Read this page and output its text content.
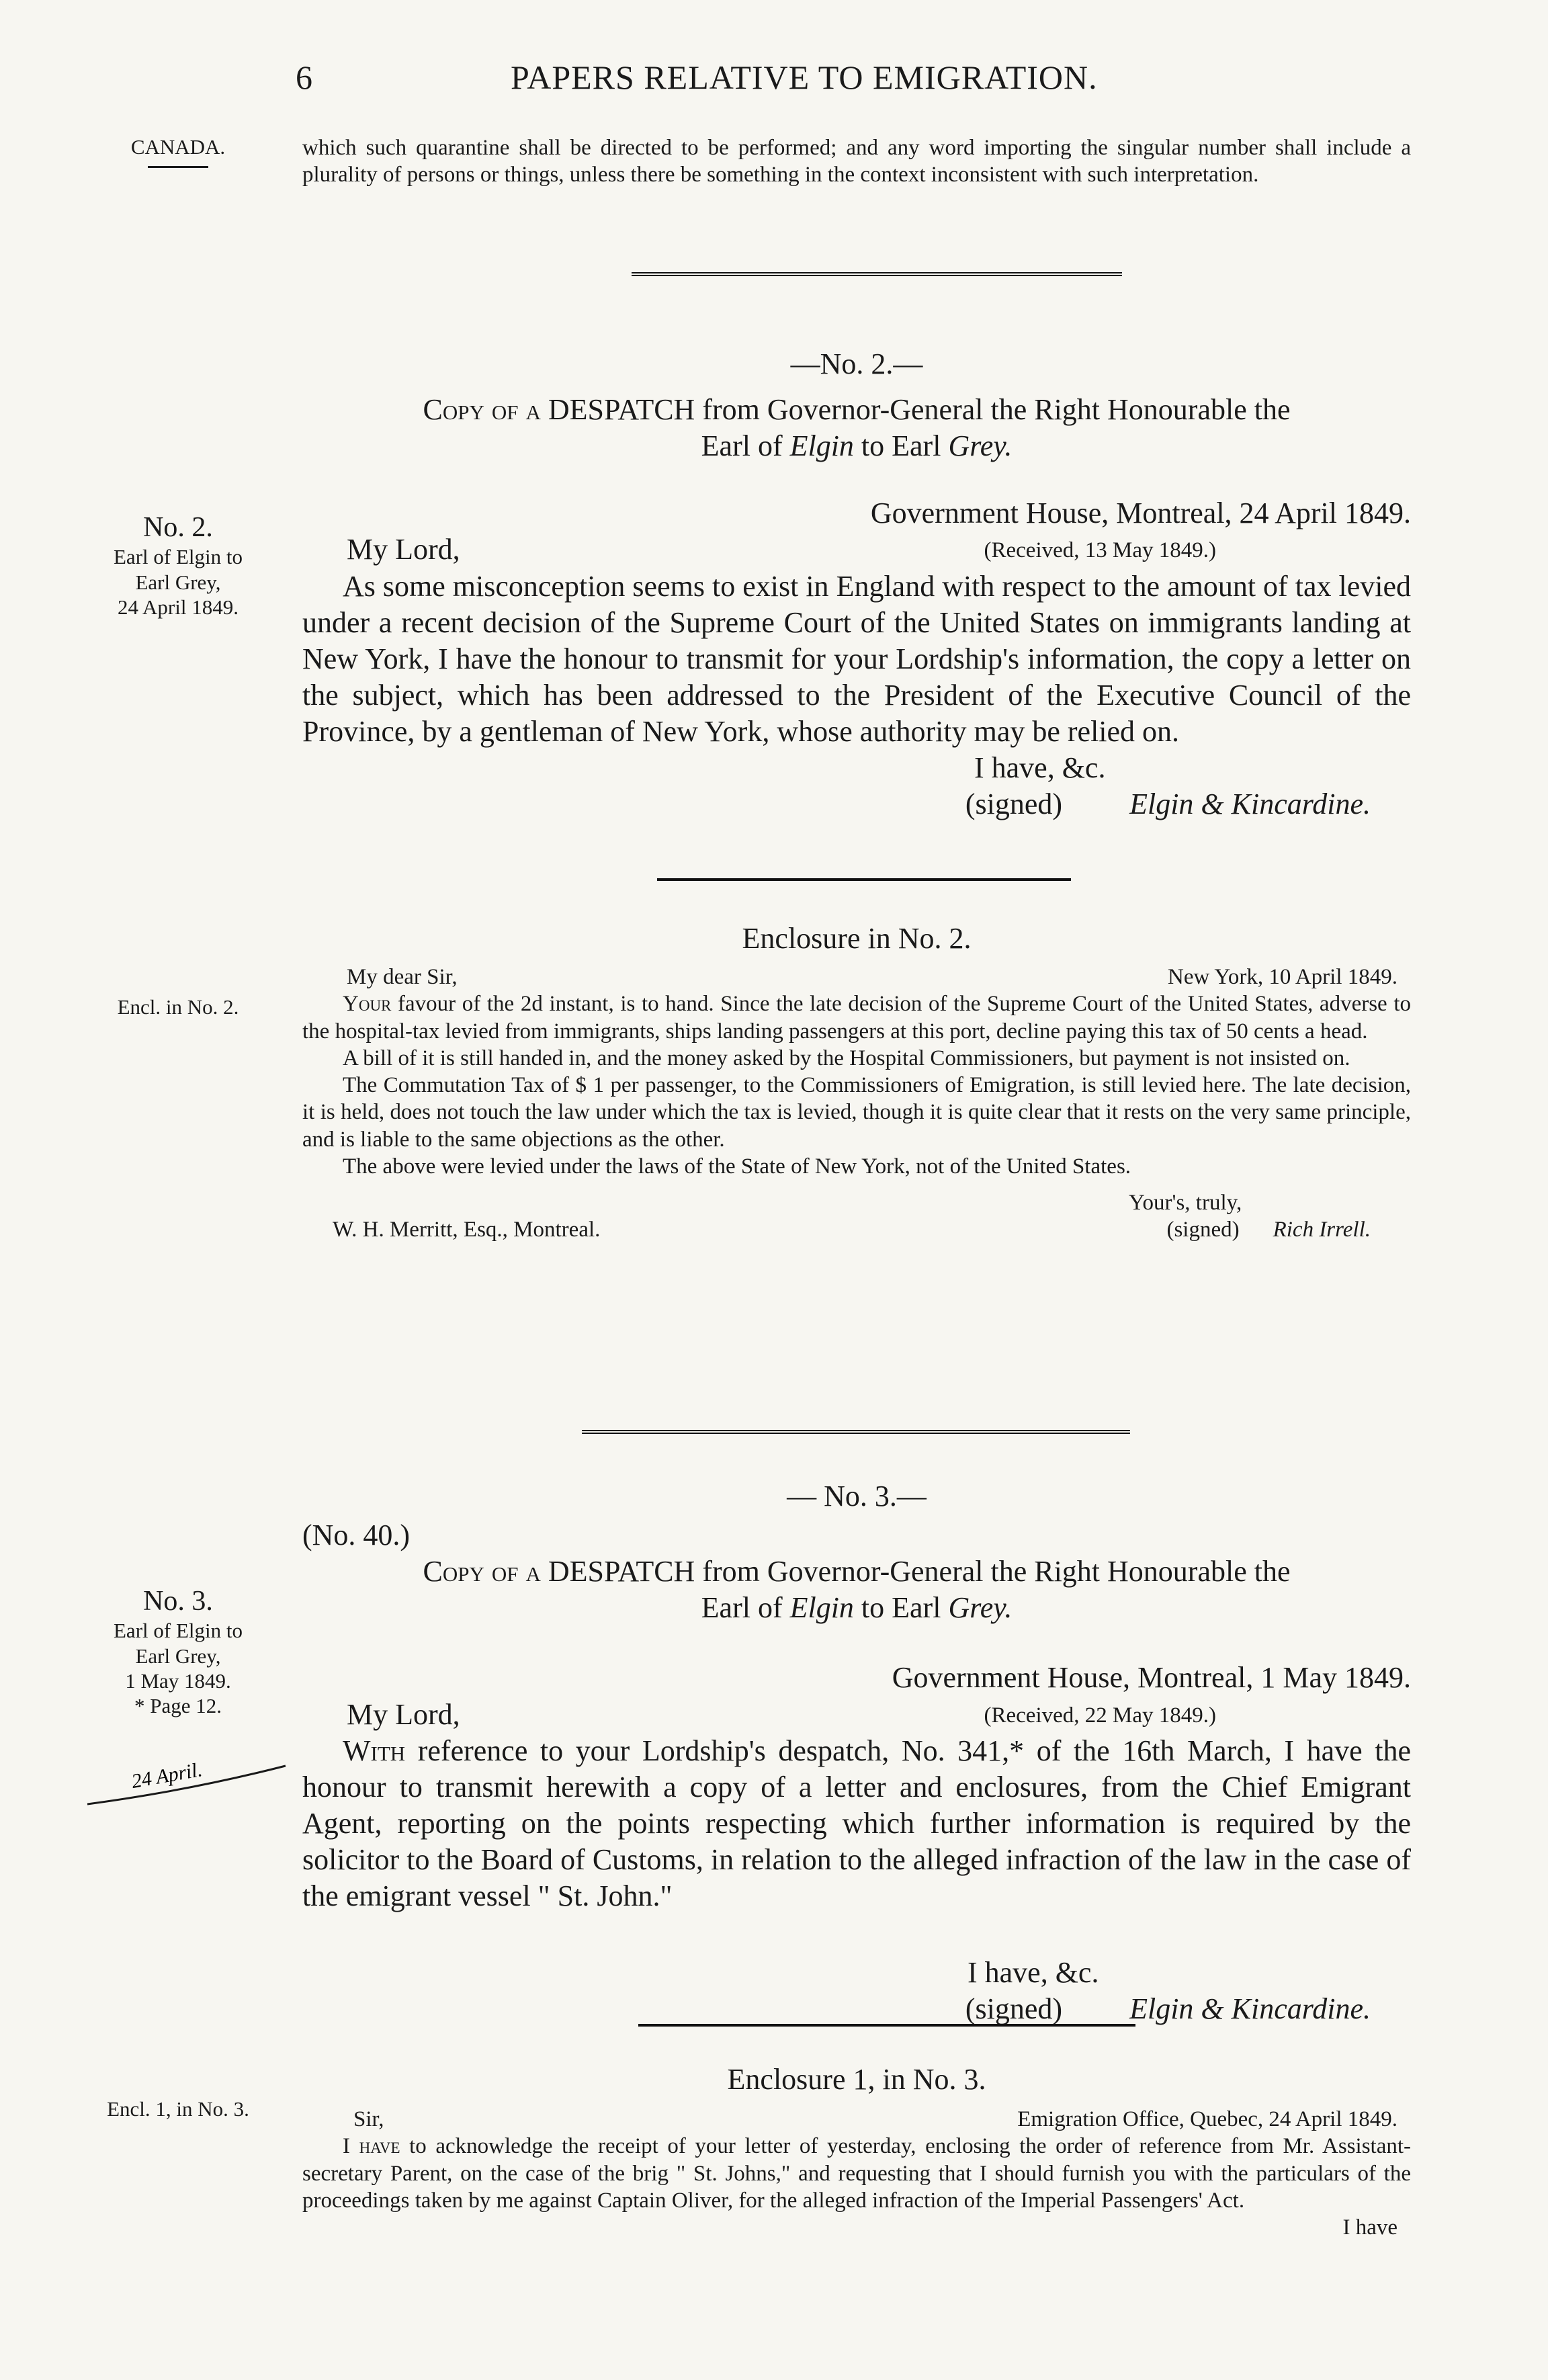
6	PAPERS RELATIVE TO EMIGRATION.
CANADA.
No. 2.
Earl of Elgin to
Earl Grey,
24 April 1849.
Encl. in No. 2.
No. 3.
Earl of Elgin to
Earl Grey,
1 May 1849.
* Page 12.
24 April.
Encl. 1, in No. 3.

which such quarantine shall be directed to be performed; and any word importing the singular number shall include a plurality of persons or things, unless there be something in the context inconsistent with such interpretation.

—No. 2.—

Copy of a DESPATCH from Governor-General the Right Honourable the

Earl of Elgin to Earl Grey.

Government House, Montreal, 24 April 1849.

My Lord,	(Received, 13 May 1849.)

As some misconception seems to exist in England with respect to the amount of tax levied under a recent decision of the Supreme Court of the United States on immigrants landing at New York, I have the honour to transmit for your Lordship's information, the copy a letter on the subject, which has been addressed to the President of the Executive Council of the Province, by a gentleman of New York, whose authority may be relied on.

I have, &c.

(signed) Elgin & Kincardine.

Enclosure in No. 2.

My dear Sir,	New York, 10 April 1849.

Your favour of the 2d instant, is to hand. Since the late decision of the Supreme Court of the United States, adverse to the hospital-tax levied from immigrants, ships landing passengers at this port, decline paying this tax of 50 cents a head.

A bill of it is still handed in, and the money asked by the Hospital Commissioners, but payment is not insisted on.

The Commutation Tax of $ 1 per passenger, to the Commissioners of Emigration, is still levied here. The late decision, it is held, does not touch the law under which the tax is levied, though it is quite clear that it rests on the very same principle, and is liable to the same objections as the other.

The above were levied under the laws of the State of New York, not of the United States.

Your's, truly,

W. H. Merritt, Esq., Montreal.	(signed) Rich Irrell.

— No. 3.—

(No. 40.)

Copy of a DESPATCH from Governor-General the Right Honourable the

Earl of Elgin to Earl Grey.

Government House, Montreal, 1 May 1849.

My Lord,	(Received, 22 May 1849.)

With reference to your Lordship's despatch, No. 341,* of the 16th March, I have the honour to transmit herewith a copy of a letter and enclosures, from the Chief Emigrant Agent, reporting on the points respecting which further information is required by the solicitor to the Board of Customs, in relation to the alleged infraction of the law in the case of the emigrant vessel " St. John."

I have, &c.

(signed) Elgin & Kincardine.

Enclosure 1, in No. 3.

Sir,	Emigration Office, Quebec, 24 April 1849.

I have to acknowledge the receipt of your letter of yesterday, enclosing the order of reference from Mr. Assistant-secretary Parent, on the case of the brig " St. Johns," and requesting that I should furnish you with the particulars of the proceedings taken by me against Captain Oliver, for the alleged infraction of the Imperial Passengers' Act.

I have
